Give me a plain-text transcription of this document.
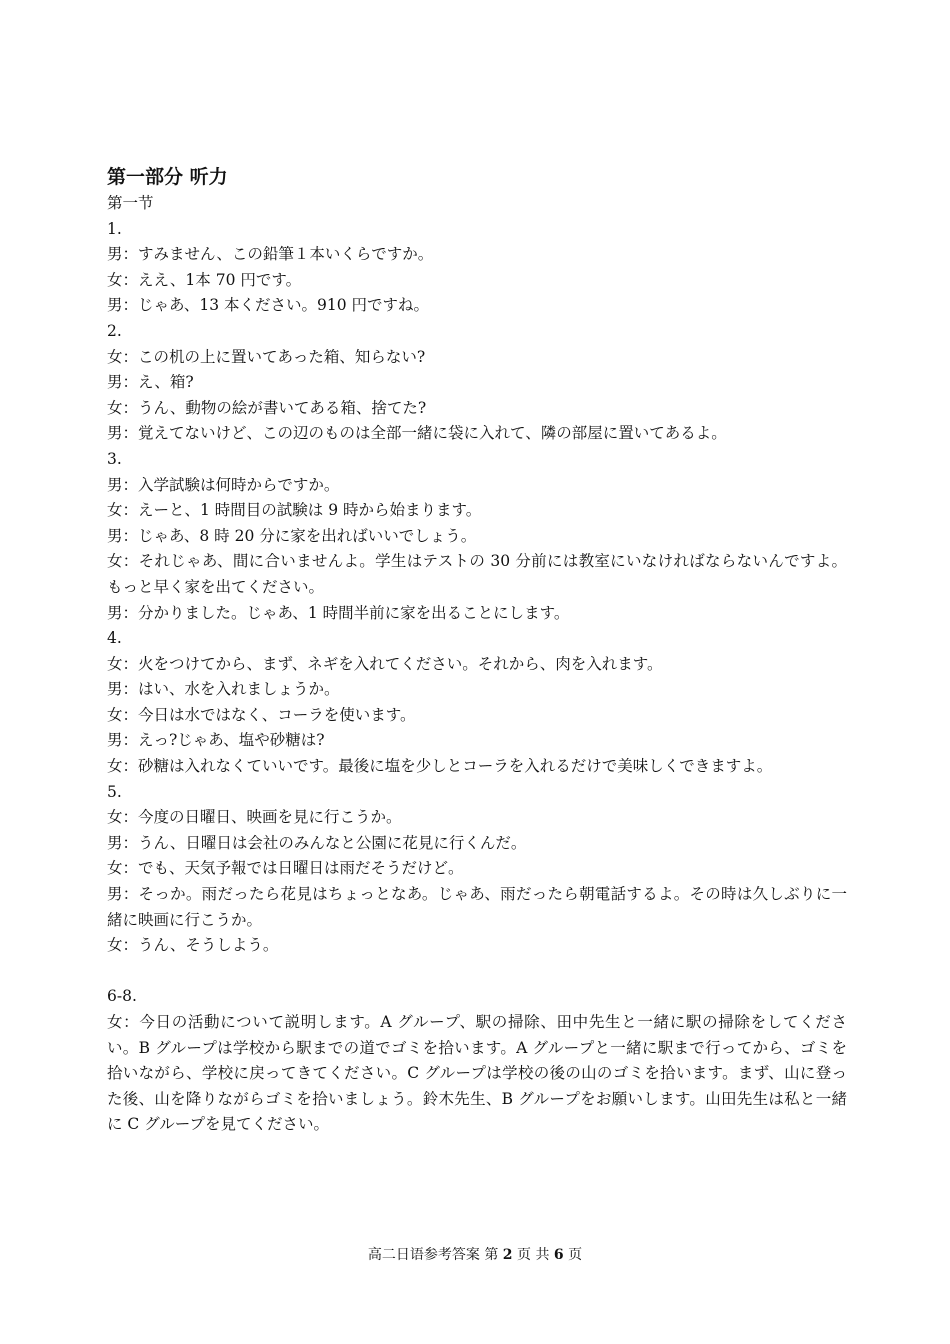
第一部分 听力

第一节

1.

男：すみません、この鉛筆１本いくらですか。

女：ええ、1本 70 円です。

男：じゃあ、13 本ください。910 円ですね。

2.

女：この机の上に置いてあった箱、知らない?

男：え、箱?

女：うん、動物の絵が書いてある箱、捨てた?

男：覚えてないけど、この辺のものは全部一緒に袋に入れて、隣の部屋に置いてあるよ。

3.

男：入学試験は何時からですか。

女：えーと、1 時間目の試験は 9 時から始まります。

男：じゃあ、8 時 20 分に家を出ればいいでしょう。

女：それじゃあ、間に合いませんよ。学生はテストの 30 分前には教室にいなければならないんですよ。もっと早く家を出てください。

男：分かりました。じゃあ、1 時間半前に家を出ることにします。

4.

女：火をつけてから、まず、ネギを入れてください。それから、肉を入れます。

男：はい、水を入れましょうか。

女：今日は水ではなく、コーラを使います。

男：えっ?じゃあ、塩や砂糖は?

女：砂糖は入れなくていいです。最後に塩を少しとコーラを入れるだけで美味しくできますよ。

5.

女：今度の日曜日、映画を見に行こうか。

男：うん、日曜日は会社のみんなと公園に花見に行くんだ。

女：でも、天気予報では日曜日は雨だそうだけど。

男：そっか。雨だったら花見はちょっとなあ。じゃあ、雨だったら朝電話するよ。その時は久しぶりに一緒に映画に行こうか。

女：うん、そうしよう。

6-8.

女：今日の活動について説明します。A グループ、駅の掃除、田中先生と一緒に駅の掃除をしてください。B グループは学校から駅までの道でゴミを拾います。A グループと一緒に駅まで行ってから、ゴミを拾いながら、学校に戻ってきてください。C グループは学校の後の山のゴミを拾います。まず、山に登った後、山を降りながらゴミを拾いましょう。鈴木先生、B グループをお願いします。山田先生は私と一緒に C グループを見てください。

高二日语参考答案 第 2 页 共 6 页
